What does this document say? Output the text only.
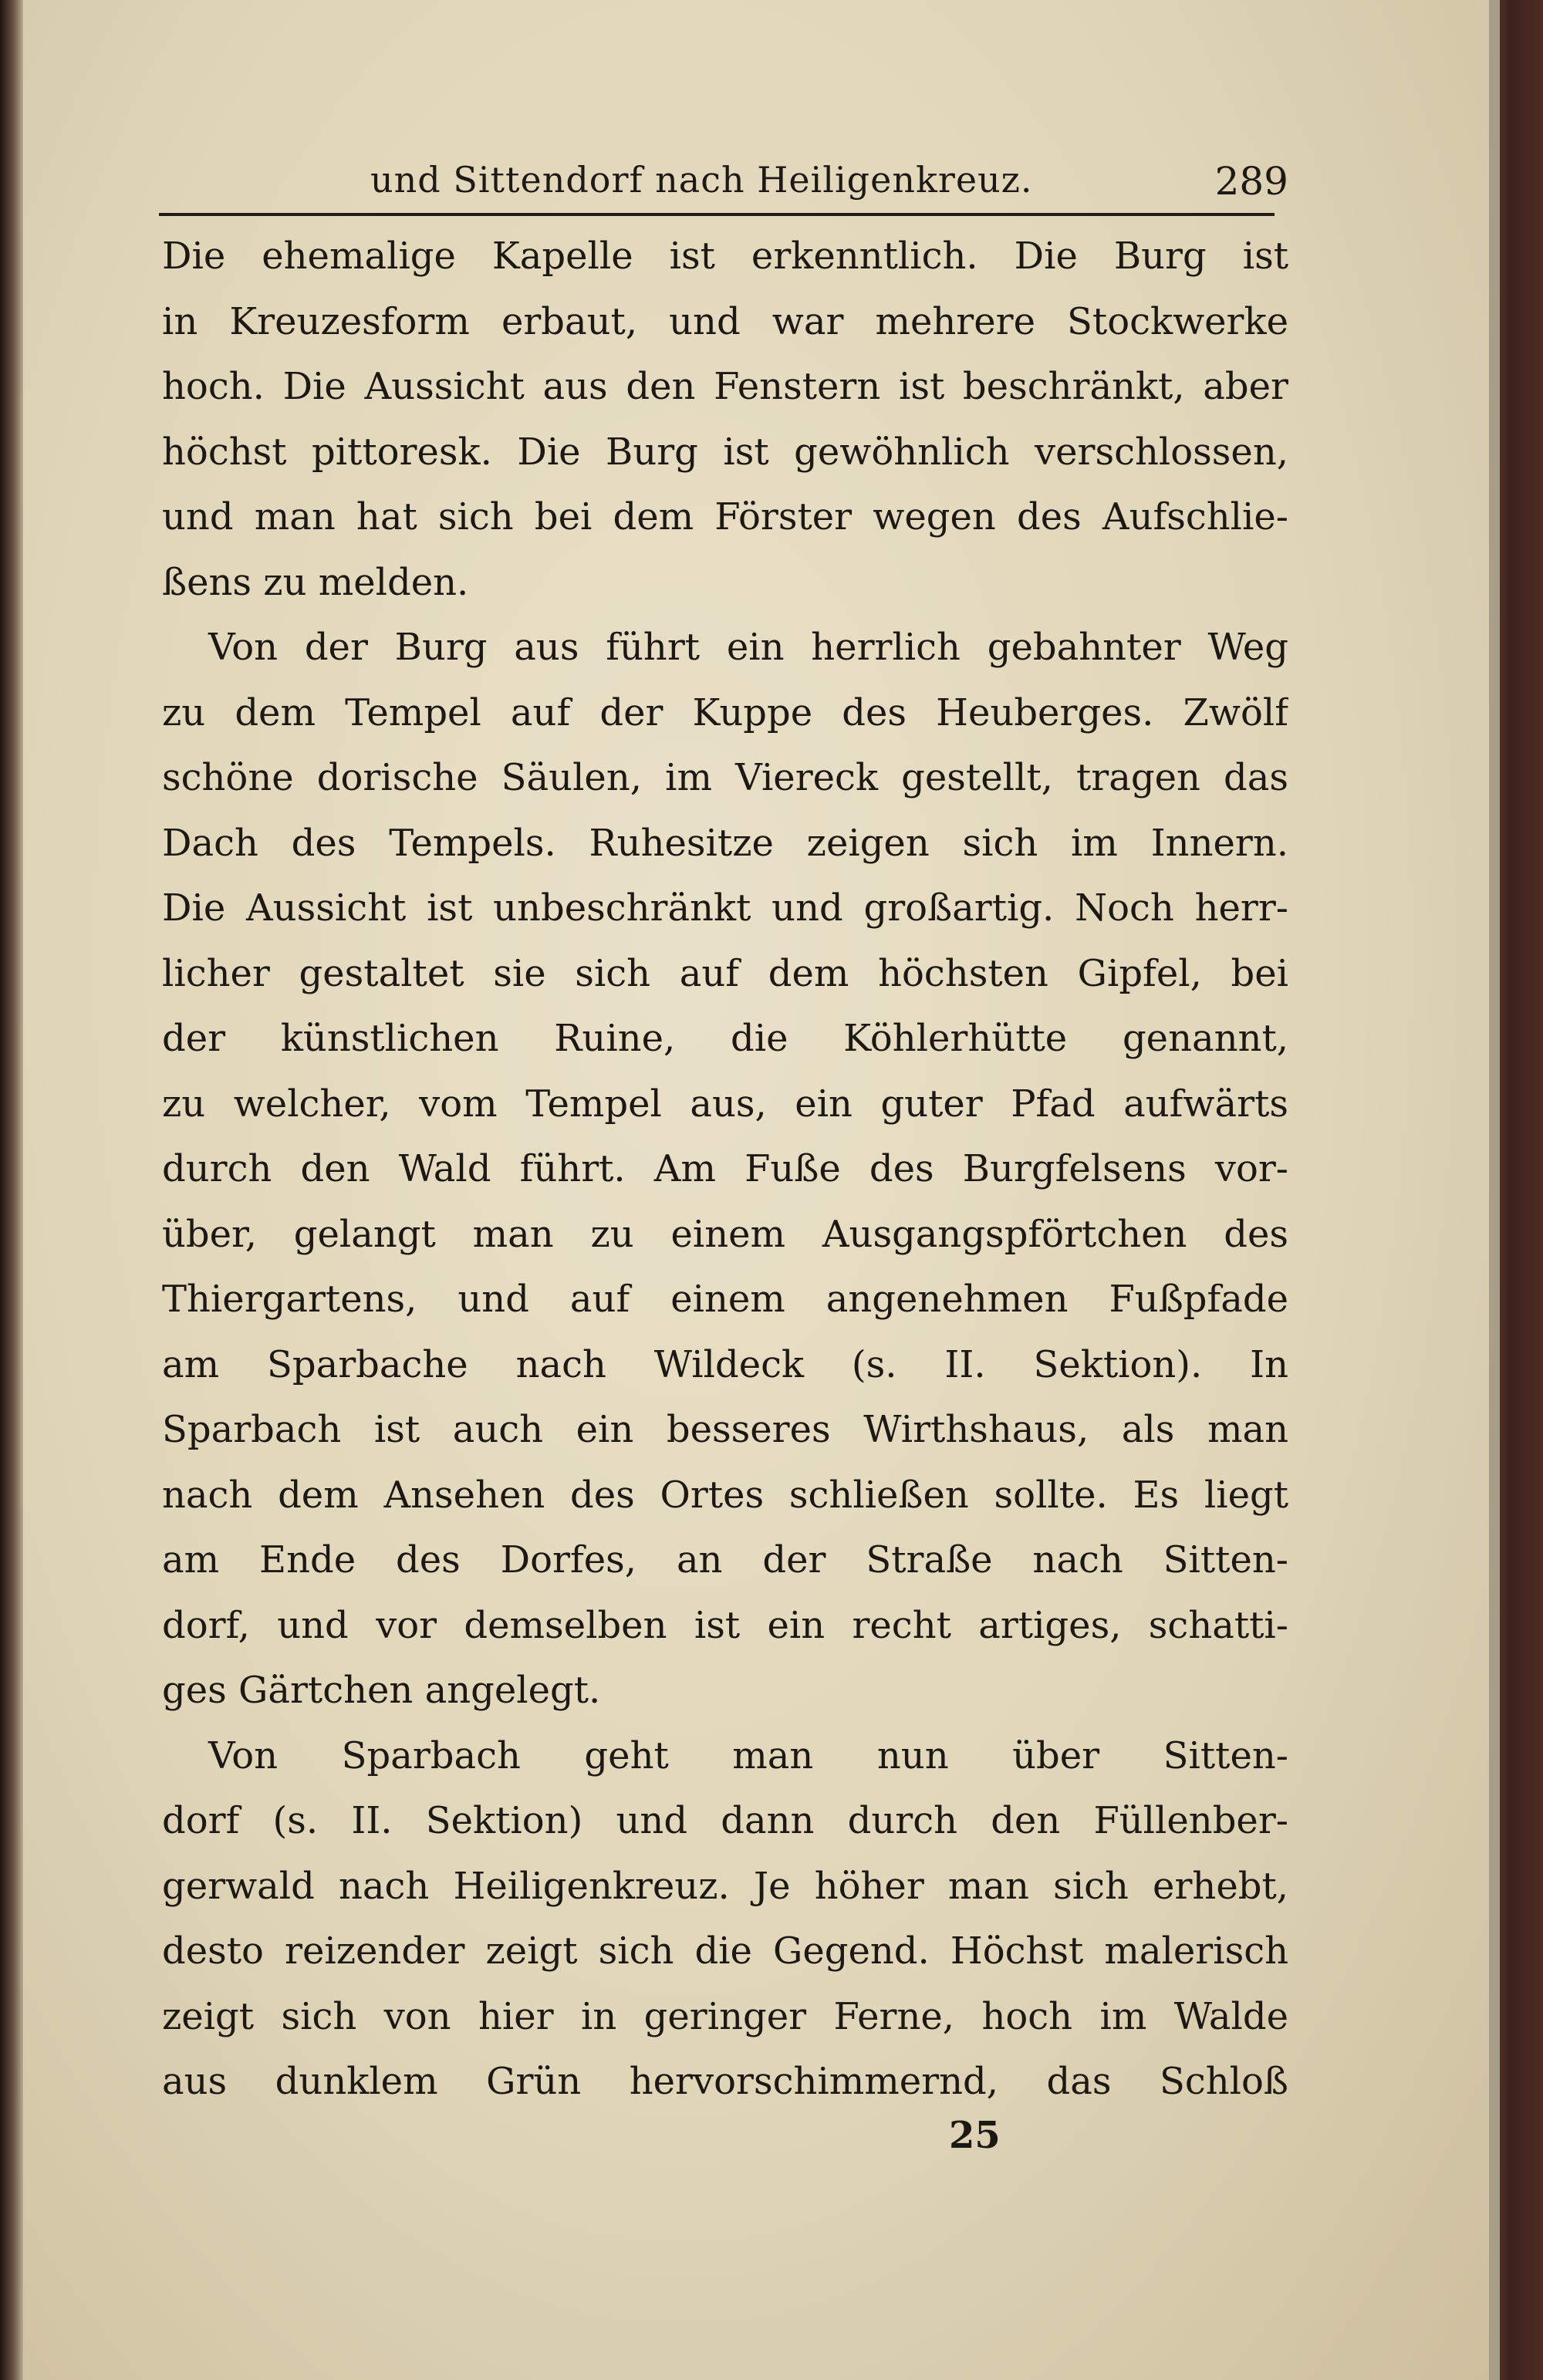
und Sittendorf nach Heiligenkreuz.	289
Die ehemalige Kapelle ist erkenntlich. Die Burg ist
in Kreuzesform erbaut, und war mehrere Stockwerke
hoch. Die Aussicht aus den Fenstern ist beschränkt, aber
höchst pittoresk. Die Burg ist gewöhnlich verschlossen,
und man hat sich bei dem Förster wegen des Aufschlie-
ßens zu melden.
Von der Burg aus führt ein herrlich gebahnter Weg
zu dem Tempel auf der Kuppe des Heuberges. Zwölf
schöne dorische Säulen, im Viereck gestellt, tragen das
Dach des Tempels. Ruhesitze zeigen sich im Innern.
Die Aussicht ist unbeschränkt und großartig. Noch herr-
licher gestaltet sie sich auf dem höchsten Gipfel, bei
der künstlichen Ruine, die Köhlerhütte genannt,
zu welcher, vom Tempel aus, ein guter Pfad aufwärts
durch den Wald führt. Am Fuße des Burgfelsens vor-
über, gelangt man zu einem Ausgangspförtchen des
Thiergartens, und auf einem angenehmen Fußpfade
am Sparbache nach Wildeck (s. II. Sektion). In
Sparbach ist auch ein besseres Wirthshaus, als man
nach dem Ansehen des Ortes schließen sollte. Es liegt
am Ende des Dorfes, an der Straße nach Sitten-
dorf, und vor demselben ist ein recht artiges, schatti-
ges Gärtchen angelegt.
Von Sparbach geht man nun über Sitten-
dorf (s. II. Sektion) und dann durch den Füllenber-
gerwald nach Heiligenkreuz. Je höher man sich erhebt,
desto reizender zeigt sich die Gegend. Höchst malerisch
zeigt sich von hier in geringer Ferne, hoch im Walde
aus dunklem Grün hervorschimmernd, das Schloß
25
